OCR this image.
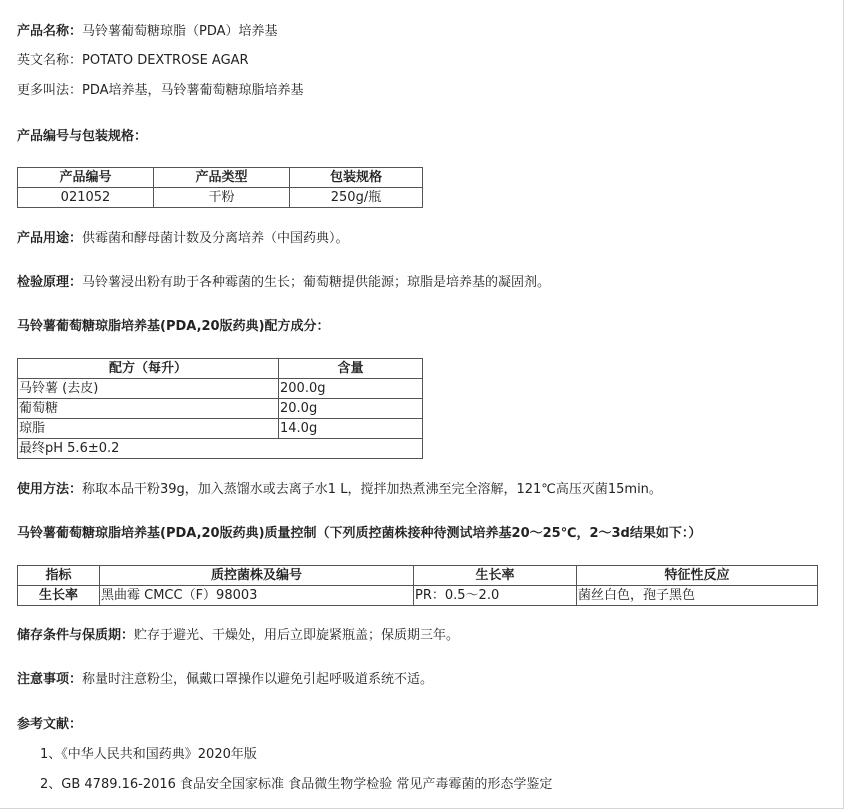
产品名称：马铃薯葡萄糖琼脂（PDA）培养基
英文名称：POTATO DEXTROSE AGAR
更多叫法：PDA培养基，马铃薯葡萄糖琼脂培养基
产品编号与包装规格：
产品编号	产品类型	包装规格
021052	干粉	250g/瓶
产品用途：供霉菌和酵母菌计数及分离培养（中国药典）。
检验原理：马铃薯浸出粉有助于各种霉菌的生长；葡萄糖提供能源；琼脂是培养基的凝固剂。
马铃薯葡萄糖琼脂培养基(PDA,20版药典)配方成分：
配方（每升）	含量
马铃薯 (去皮)	200.0g
葡萄糖	20.0g
琼脂	14.0g
最终pH 5.6±0.2	
使用方法：称取本品干粉39g，加入蒸馏水或去离子水1 L，搅拌加热煮沸至完全溶解，121℃高压灭菌15min。
马铃薯葡萄糖琼脂培养基(PDA,20版药典)质量控制（下列质控菌株接种待测试培养基20～25℃，2～3d结果如下：）
指标	质控菌株及编号	生长率	特征性反应
生长率	黑曲霉 CMCC（F）98003	PR：0.5～2.0	菌丝白色，孢子黑色
储存条件与保质期：贮存于避光、干燥处，用后立即旋紧瓶盖；保质期三年。
注意事项：称量时注意粉尘，佩戴口罩操作以避免引起呼吸道系统不适。
参考文献：
1、《中华人民共和国药典》2020年版
2、GB 4789.16-2016 食品安全国家标准 食品微生物学检验 常见产毒霉菌的形态学鉴定
